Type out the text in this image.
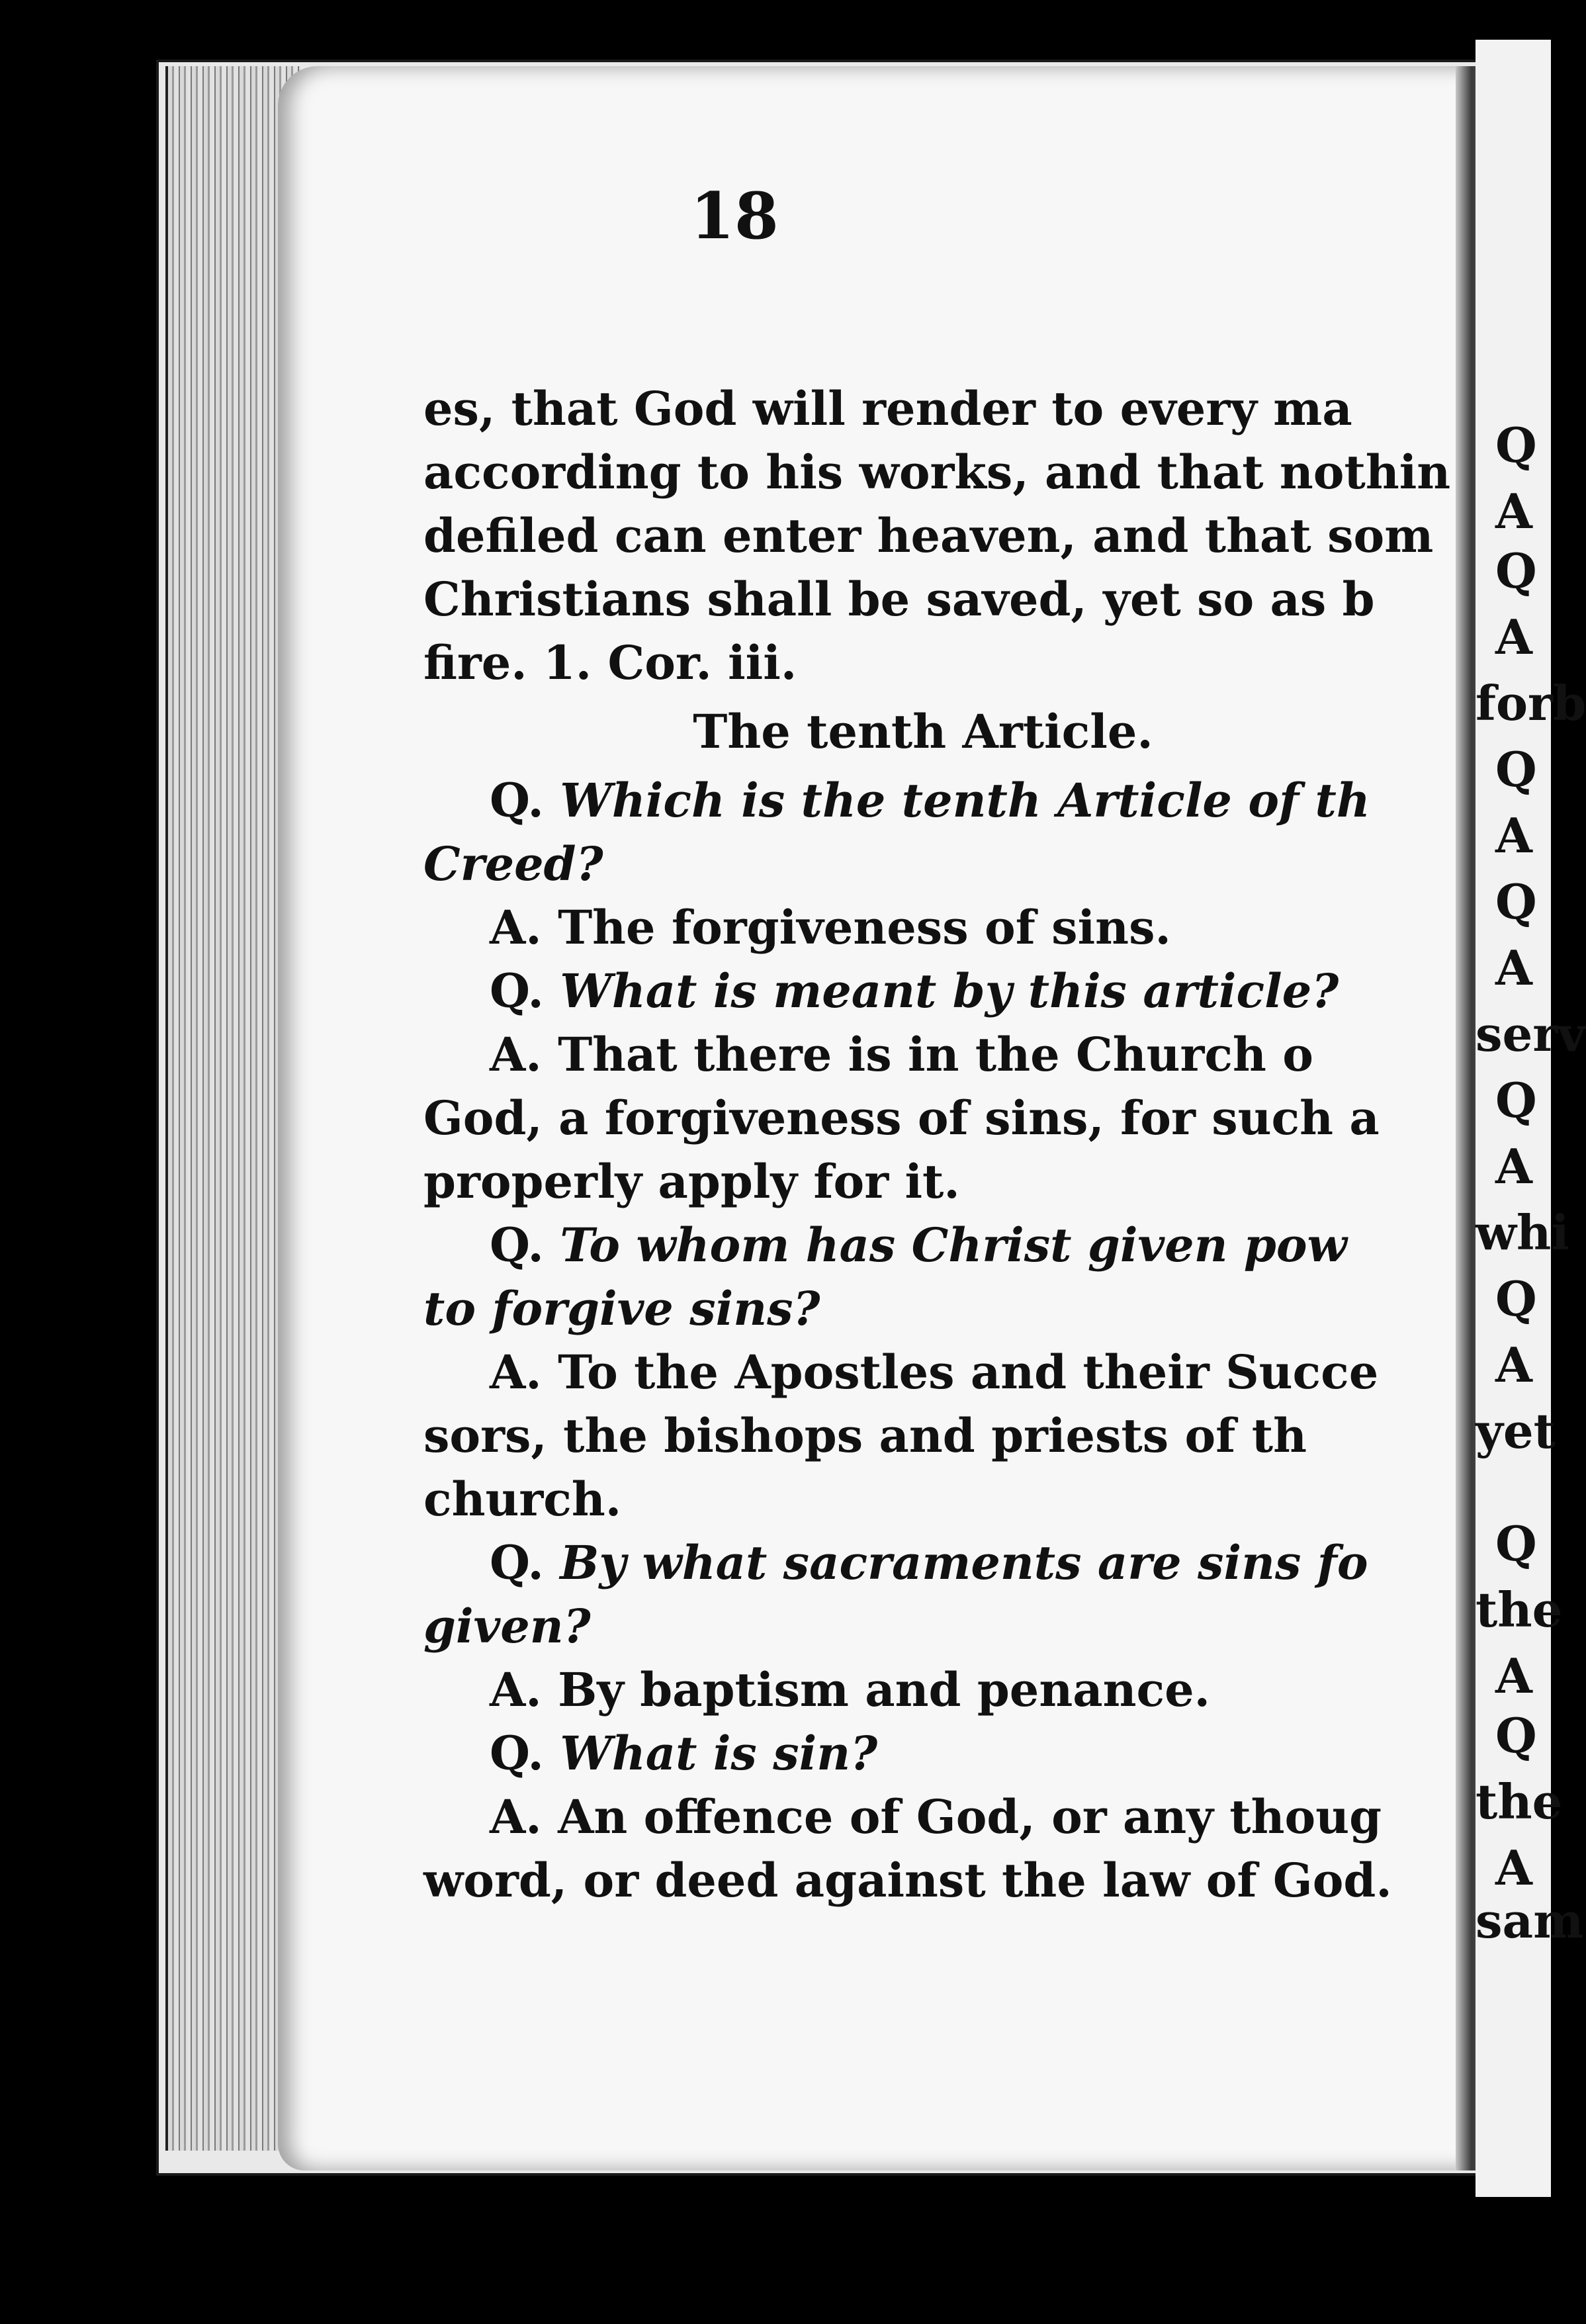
Q
A
Q
A
forb
Q
A
Q
A
serv
Q
A
whi
Q
A
yet
Q
the
A
Q
the
A
sam
18
es, that God will render to every ma
according to his works, and that nothin
defiled can enter heaven, and that som
Christians shall be saved, yet so as b
fire. 1. Cor. iii.
The tenth Article.
Q. Which is the tenth Article of th
Creed?
A. The forgiveness of sins.
Q. What is meant by this article?
A. That there is in the Church o
God, a forgiveness of sins, for such a
properly apply for it.
Q. To whom has Christ given pow
to forgive sins?
A. To the Apostles and their Succe
sors, the bishops and priests of th
church.
Q. By what sacraments are sins fo
given?
A. By baptism and penance.
Q. What is sin?
A. An offence of God, or any thoug
word, or deed against the law of God.
